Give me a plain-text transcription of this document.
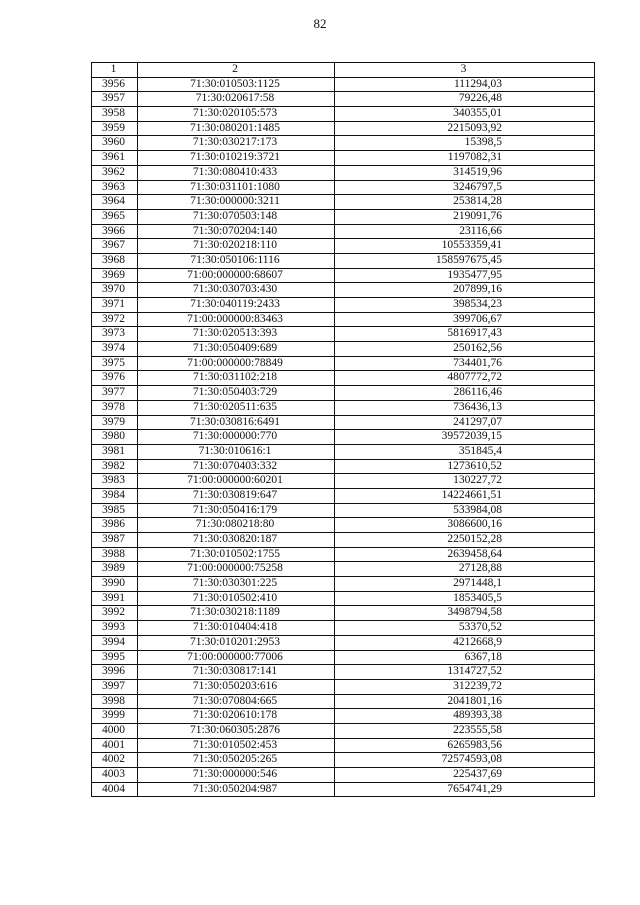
82
1	2	3
3956	71:30:010503:1125	111294,03
3957	71:30:020617:58	79226,48
3958	71:30:020105:573	340355,01
3959	71:30:080201:1485	2215093,92
3960	71:30:030217:173	15398,5
3961	71:30:010219:3721	1197082,31
3962	71:30:080410:433	314519,96
3963	71:30:031101:1080	3246797,5
3964	71:30:000000:3211	253814,28
3965	71:30:070503:148	219091,76
3966	71:30:070204:140	23116,66
3967	71:30:020218:110	10553359,41
3968	71:30:050106:1116	158597675,45
3969	71:00:000000:68607	1935477,95
3970	71:30:030703:430	207899,16
3971	71:30:040119:2433	398534,23
3972	71:00:000000:83463	399706,67
3973	71:30:020513:393	5816917,43
3974	71:30:050409:689	250162,56
3975	71:00:000000:78849	734401,76
3976	71:30:031102:218	4807772,72
3977	71:30:050403:729	286116,46
3978	71:30:020511:635	736436,13
3979	71:30:030816:6491	241297,07
3980	71:30:000000:770	39572039,15
3981	71:30:010616:1	351845,4
3982	71:30:070403:332	1273610,52
3983	71:00:000000:60201	130227,72
3984	71:30:030819:647	14224661,51
3985	71:30:050416:179	533984,08
3986	71:30:080218:80	3086600,16
3987	71:30:030820:187	2250152,28
3988	71:30:010502:1755	2639458,64
3989	71:00:000000:75258	27128,88
3990	71:30:030301:225	2971448,1
3991	71:30:010502:410	1853405,5
3992	71:30:030218:1189	3498794,58
3993	71:30:010404:418	53370,52
3994	71:30:010201:2953	4212668,9
3995	71:00:000000:77006	6367,18
3996	71:30:030817:141	1314727,52
3997	71:30:050203:616	312239,72
3998	71:30:070804:665	2041801,16
3999	71:30:020610:178	489393,38
4000	71:30:060305:2876	223555,58
4001	71:30:010502:453	6265983,56
4002	71:30:050205:265	72574593,08
4003	71:30:000000:546	225437,69
4004	71:30:050204:987	7654741,29
